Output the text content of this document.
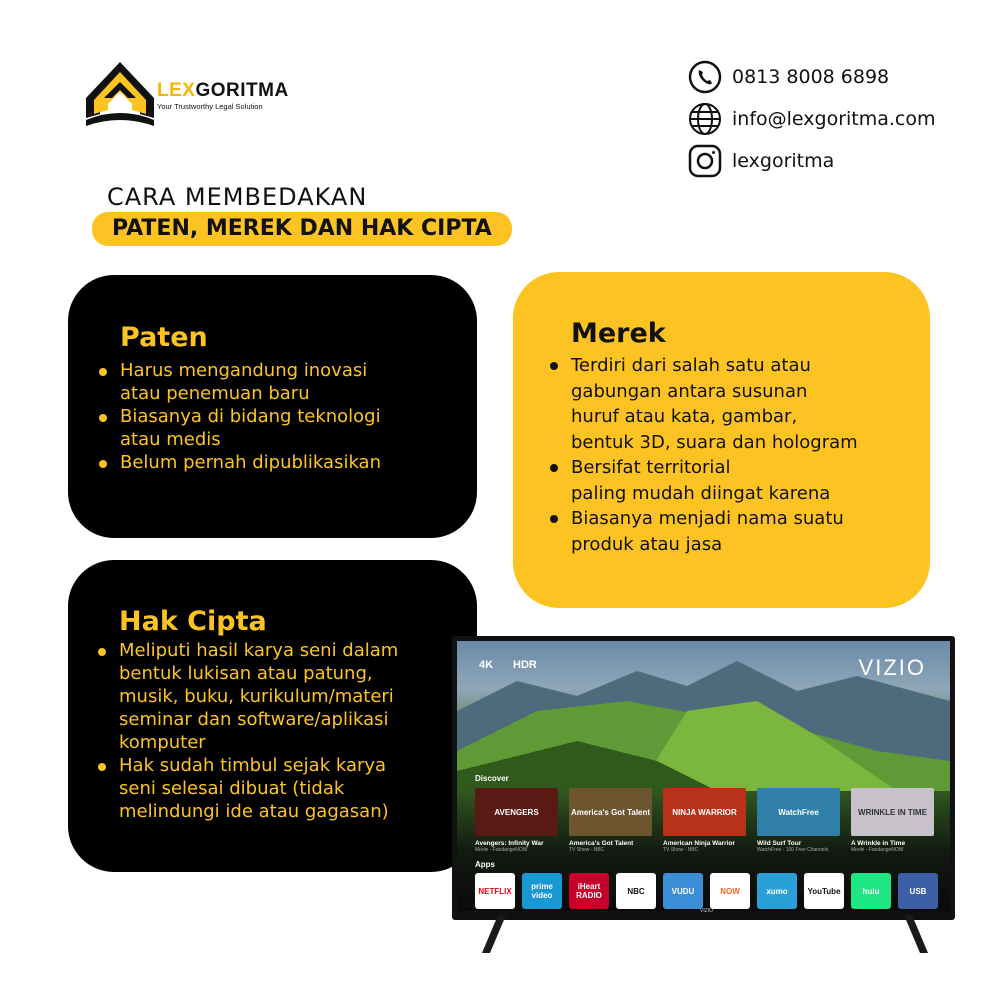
LEXGORITMA
Your Trustworthy Legal Solution
0813 8008 6898
info@lexgoritma.com
lexgoritma
CARA MEMBEDAKAN
PATEN, MEREK DAN HAK CIPTA
Paten
Harus mengandung inovasi
atau penemuan baru
Biasanya di bidang teknologi
atau medis
Belum pernah dipublikasikan
Merek
Terdiri dari salah satu atau
gabungan antara susunan
huruf atau kata, gambar,
bentuk 3D, suara dan hologram
Bersifat territorial
paling mudah diingat karena
Biasanya menjadi nama suatu
produk atau jasa
Hak Cipta
Meliputi hasil karya seni dalam
bentuk lukisan atau patung,
musik, buku, kurikulum/materi
seminar dan software/aplikasi
komputer
Hak sudah timbul sejak karya
seni selesai dibuat (tidak
melindungi ide atau gagasan)
4K HDR	VIZIO
Discover
AVENGERS
Avengers: Infinity War
Movie - FandangoNOW
America's Got Talent
America's Got Talent
TV Show - NBC
NINJA WARRIOR
American Ninja Warrior
TV Show - NBC
WatchFree
Wild Surf Tour
WatchFree - 100 Free Channels
WRINKLE IN TIME
A Wrinkle in Time
Movie - FandangoNOW
Apps
NETFLIX	prime video
iHeart RADIO	NBC	VUDU	NOW	xumo	YouTube	hulu	USB
VIZIO
